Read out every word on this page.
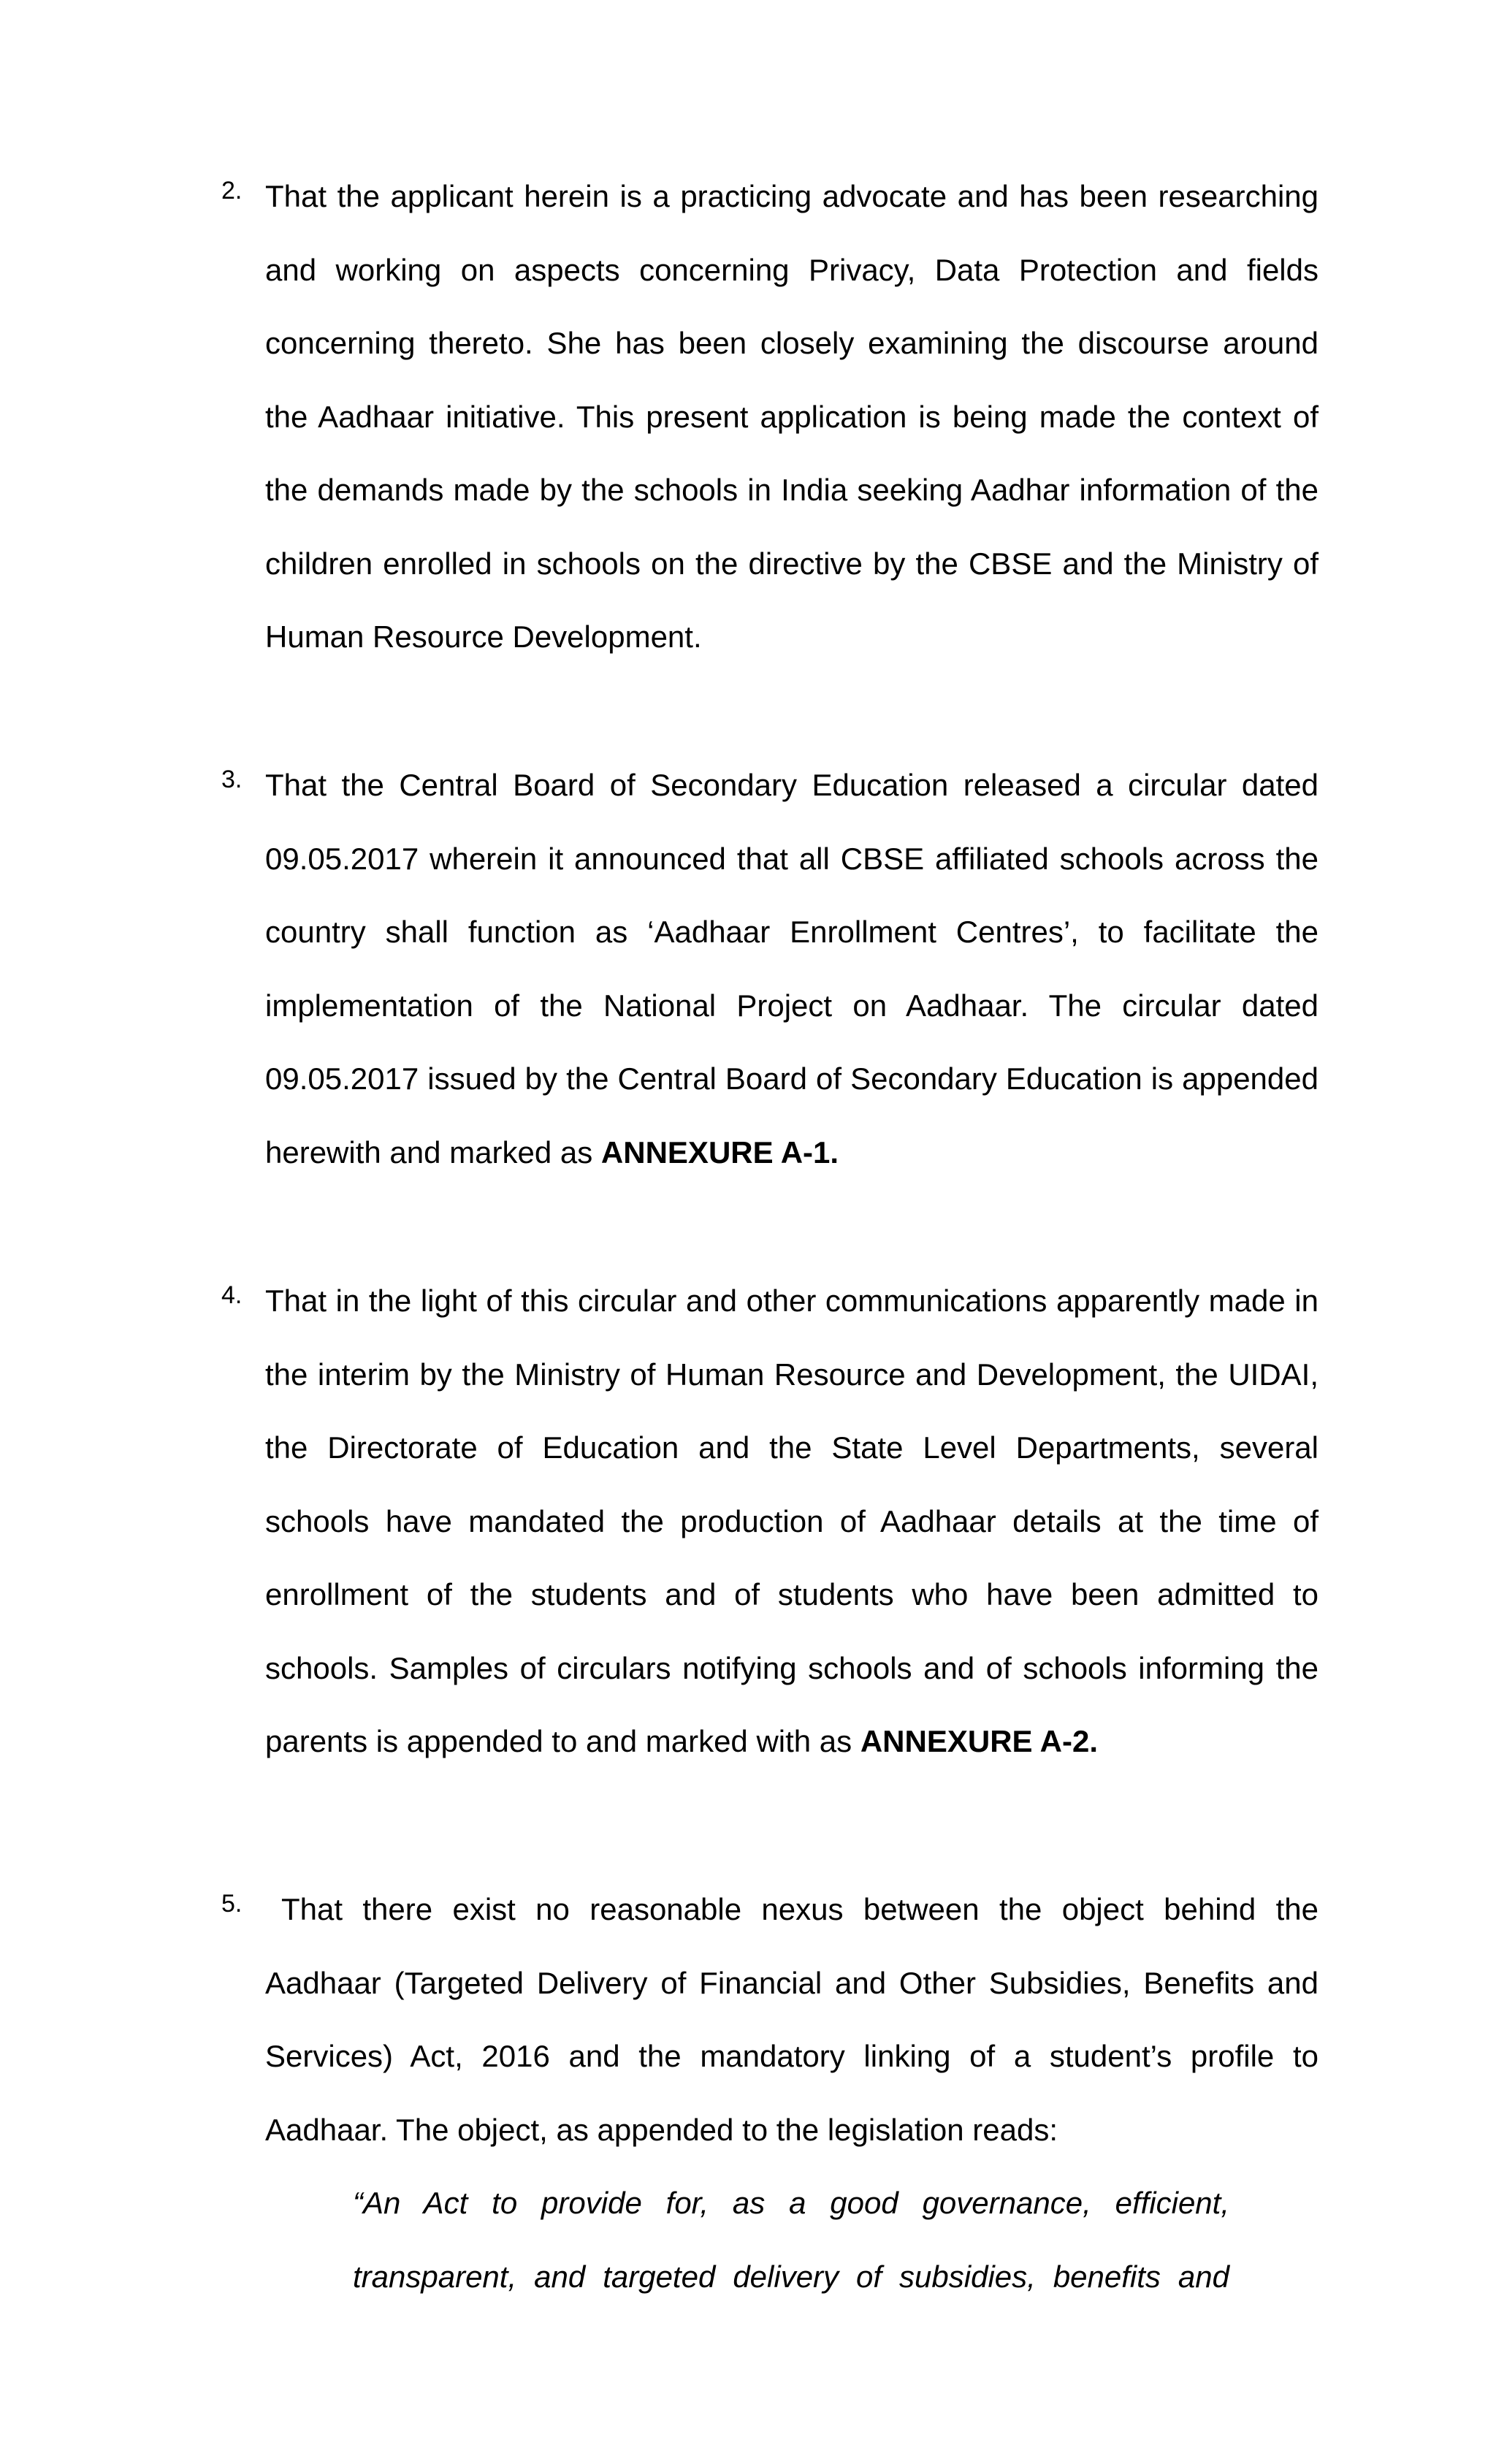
2. That the applicant herein is a practicing advocate and has been researching and working on aspects concerning Privacy, Data Protection and fields concerning thereto. She has been closely examining the discourse around the Aadhaar initiative. This present application is being made the context of the demands made by the schools in India seeking Aadhar information of the children enrolled in schools on the directive by the CBSE and the Ministry of Human Resource Development.
3. That the Central Board of Secondary Education released a circular dated 09.05.2017 wherein it announced that all CBSE affiliated schools across the country shall function as ‘Aadhaar Enrollment Centres’, to facilitate the implementation of the National Project on Aadhaar. The circular dated 09.05.2017 issued by the Central Board of Secondary Education is appended herewith and marked as ANNEXURE A-1.
4. That in the light of this circular and other communications apparently made in the interim by the Ministry of Human Resource and Development, the UIDAI, the Directorate of Education and the State Level Departments, several schools have mandated the production of Aadhaar details at the time of enrollment of the students and of students who have been admitted to schools. Samples of circulars notifying schools and of schools informing the parents is appended to and marked with as ANNEXURE A-2.
5.	That there exist no reasonable nexus between the object behind the Aadhaar (Targeted Delivery of Financial and Other Subsidies, Benefits and Services) Act, 2016 and the mandatory linking of a student’s profile to Aadhaar. The object, as appended to the legislation reads:
“An Act to provide for, as a good governance, efficient, transparent, and targeted delivery of subsidies, benefits and
